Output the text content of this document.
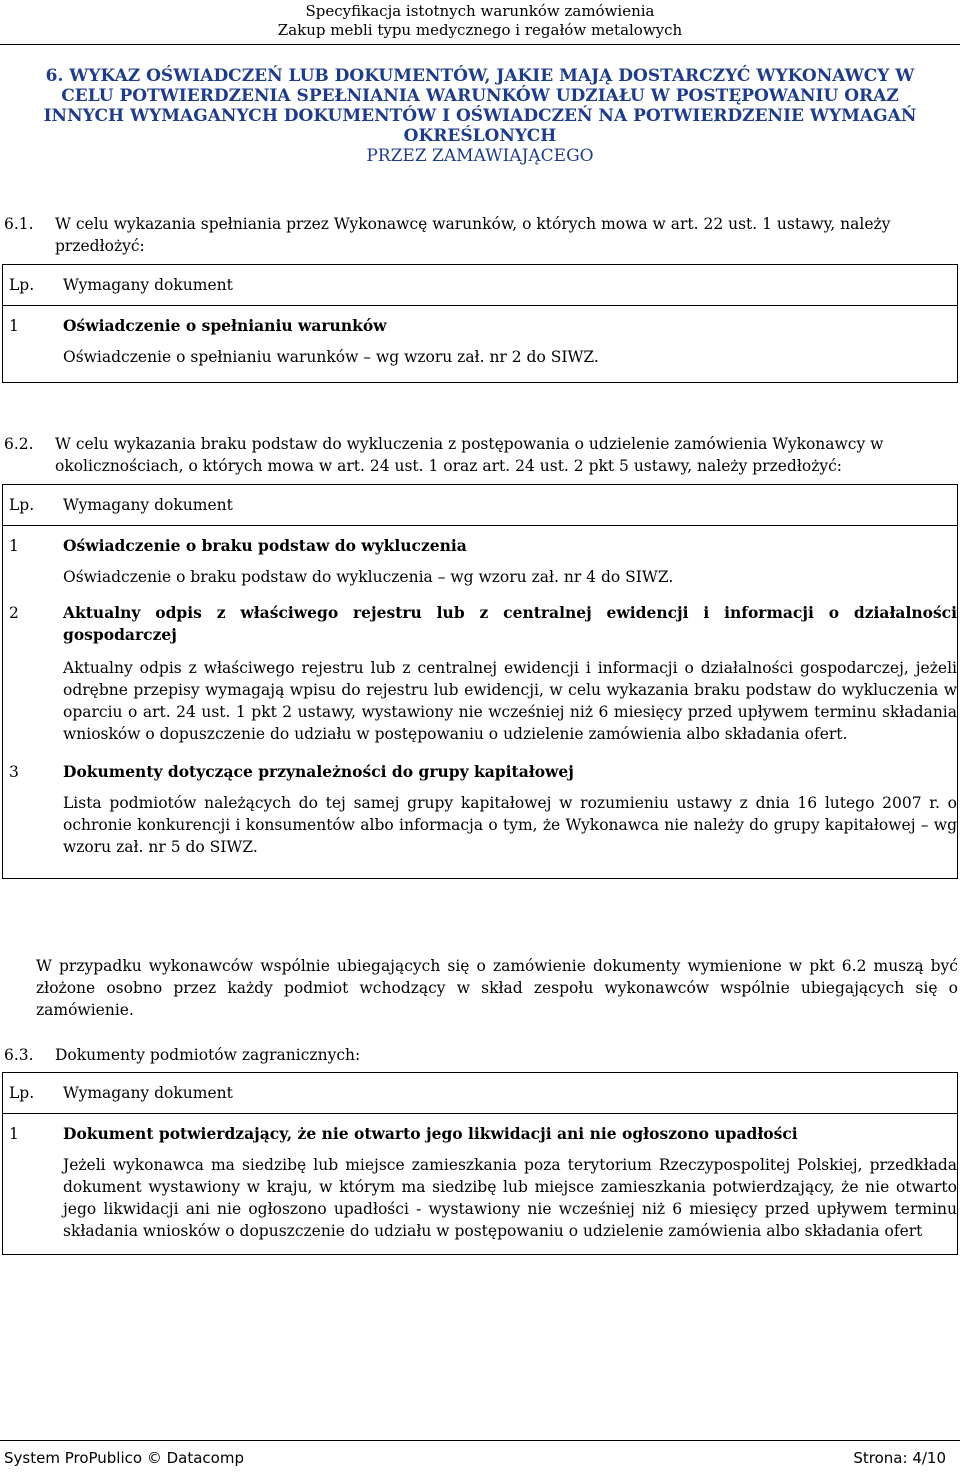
Specyfikacja istotnych warunków zamówienia
Zakup mebli typu medycznego i regałów metalowych
6. WYKAZ OŚWIADCZEŃ LUB DOKUMENTÓW, JAKIE MAJĄ DOSTARCZYĆ WYKONAWCY W CELU POTWIERDZENIA SPEŁNIANIA WARUNKÓW UDZIAŁU W POSTĘPOWANIU ORAZ INNYCH WYMAGANYCH DOKUMENTÓW I OŚWIADCZEŃ NA POTWIERDZENIE WYMAGAŃ OKREŚLONYCH
PRZEZ ZAMAWIAJĄCEGO
6.1. W celu wykazania spełniania przez Wykonawcę warunków, o których mowa w art. 22 ust. 1 ustawy, należy przedłożyć:
Lp.	Wymagany dokument
1	Oświadczenie o spełnianiu warunków
Oświadczenie o spełnianiu warunków – wg wzoru zał. nr 2 do SIWZ.
6.2. W celu wykazania braku podstaw do wykluczenia z postępowania o udzielenie zamówienia Wykonawcy w okolicznościach, o których mowa w art. 24 ust. 1 oraz art. 24 ust. 2 pkt 5 ustawy, należy przedłożyć:
Lp.	Wymagany dokument
1	Oświadczenie o braku podstaw do wykluczenia
Oświadczenie o braku podstaw do wykluczenia – wg wzoru zał. nr 4 do SIWZ.

2	Aktualny odpis z właściwego rejestru lub z centralnej ewidencji i informacji o działalności gospodarczej
Aktualny odpis z właściwego rejestru lub z centralnej ewidencji i informacji o działalności gospodarczej, jeżeli odrębne przepisy wymagają wpisu do rejestru lub ewidencji, w celu wykazania braku podstaw do wykluczenia w oparciu o art. 24 ust. 1 pkt 2 ustawy, wystawiony nie wcześniej niż 6 miesięcy przed upływem terminu składania wniosków o dopuszczenie do udziału w postępowaniu o udzielenie zamówienia albo składania ofert.

3	Dokumenty dotyczące przynależności do grupy kapitałowej
Lista podmiotów należących do tej samej grupy kapitałowej w rozumieniu ustawy z dnia 16 lutego 2007 r. o ochronie konkurencji i konsumentów albo informacja o tym, że Wykonawca nie należy do grupy kapitałowej – wg wzoru zał. nr 5 do SIWZ.
W przypadku wykonawców wspólnie ubiegających się o zamówienie dokumenty wymienione w pkt 6.2 muszą być złożone osobno przez każdy podmiot wchodzący w skład zespołu wykonawców wspólnie ubiegających się o zamówienie.
6.3. Dokumenty podmiotów zagranicznych:
Lp.	Wymagany dokument
1	Dokument potwierdzający, że nie otwarto jego likwidacji ani nie ogłoszono upadłości
Jeżeli wykonawca ma siedzibę lub miejsce zamieszkania poza terytorium Rzeczypospolitej Polskiej, przedkłada dokument wystawiony w kraju, w którym ma siedzibę lub miejsce zamieszkania potwierdzający, że nie otwarto jego likwidacji ani nie ogłoszono upadłości - wystawiony nie wcześniej niż 6 miesięcy przed upływem terminu składania wniosków o dopuszczenie do udziału w postępowaniu o udzielenie zamówienia albo składania ofert
System ProPublico © Datacomp	Strona: 4/10
